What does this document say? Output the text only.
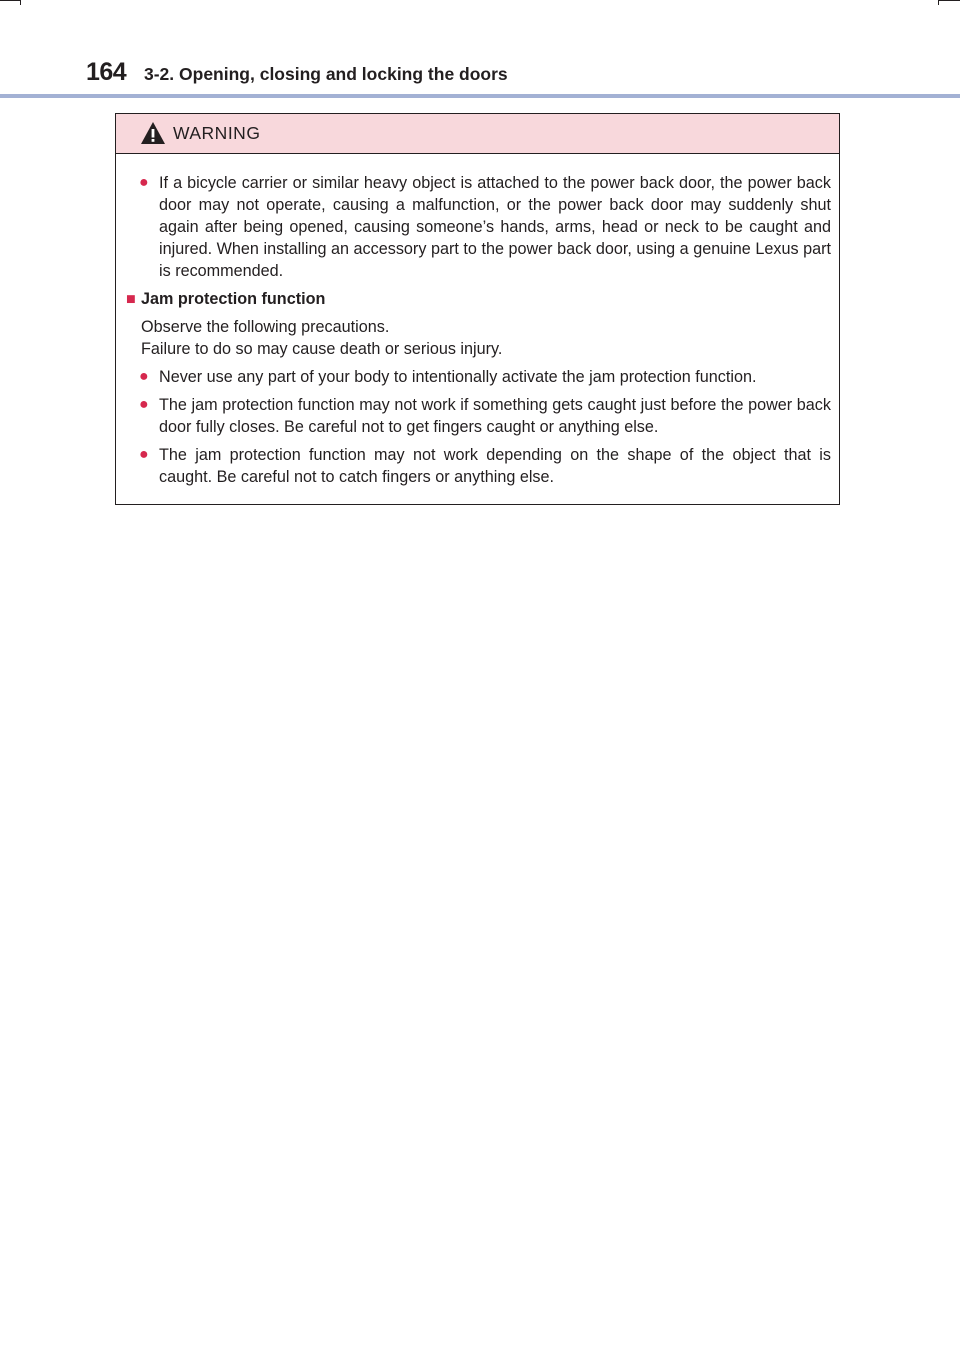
164 3-2. Opening, closing and locking the doors
WARNING
● If a bicycle carrier or similar heavy object is attached to the power back door, the power back door may not operate, causing a malfunction, or the power back door may suddenly shut again after being opened, causing someone’s hands, arms, head or neck to be caught and injured. When installing an accessory part to the power back door, using a genuine Lexus part is recommended.
■ Jam protection function
Observe the following precautions.
Failure to do so may cause death or serious injury.
● Never use any part of your body to intentionally activate the jam protection function.
● The jam protection function may not work if something gets caught just before the power back door fully closes. Be careful not to get fingers caught or anything else.
● The jam protection function may not work depending on the shape of the object that is caught. Be careful not to catch fingers or anything else.
